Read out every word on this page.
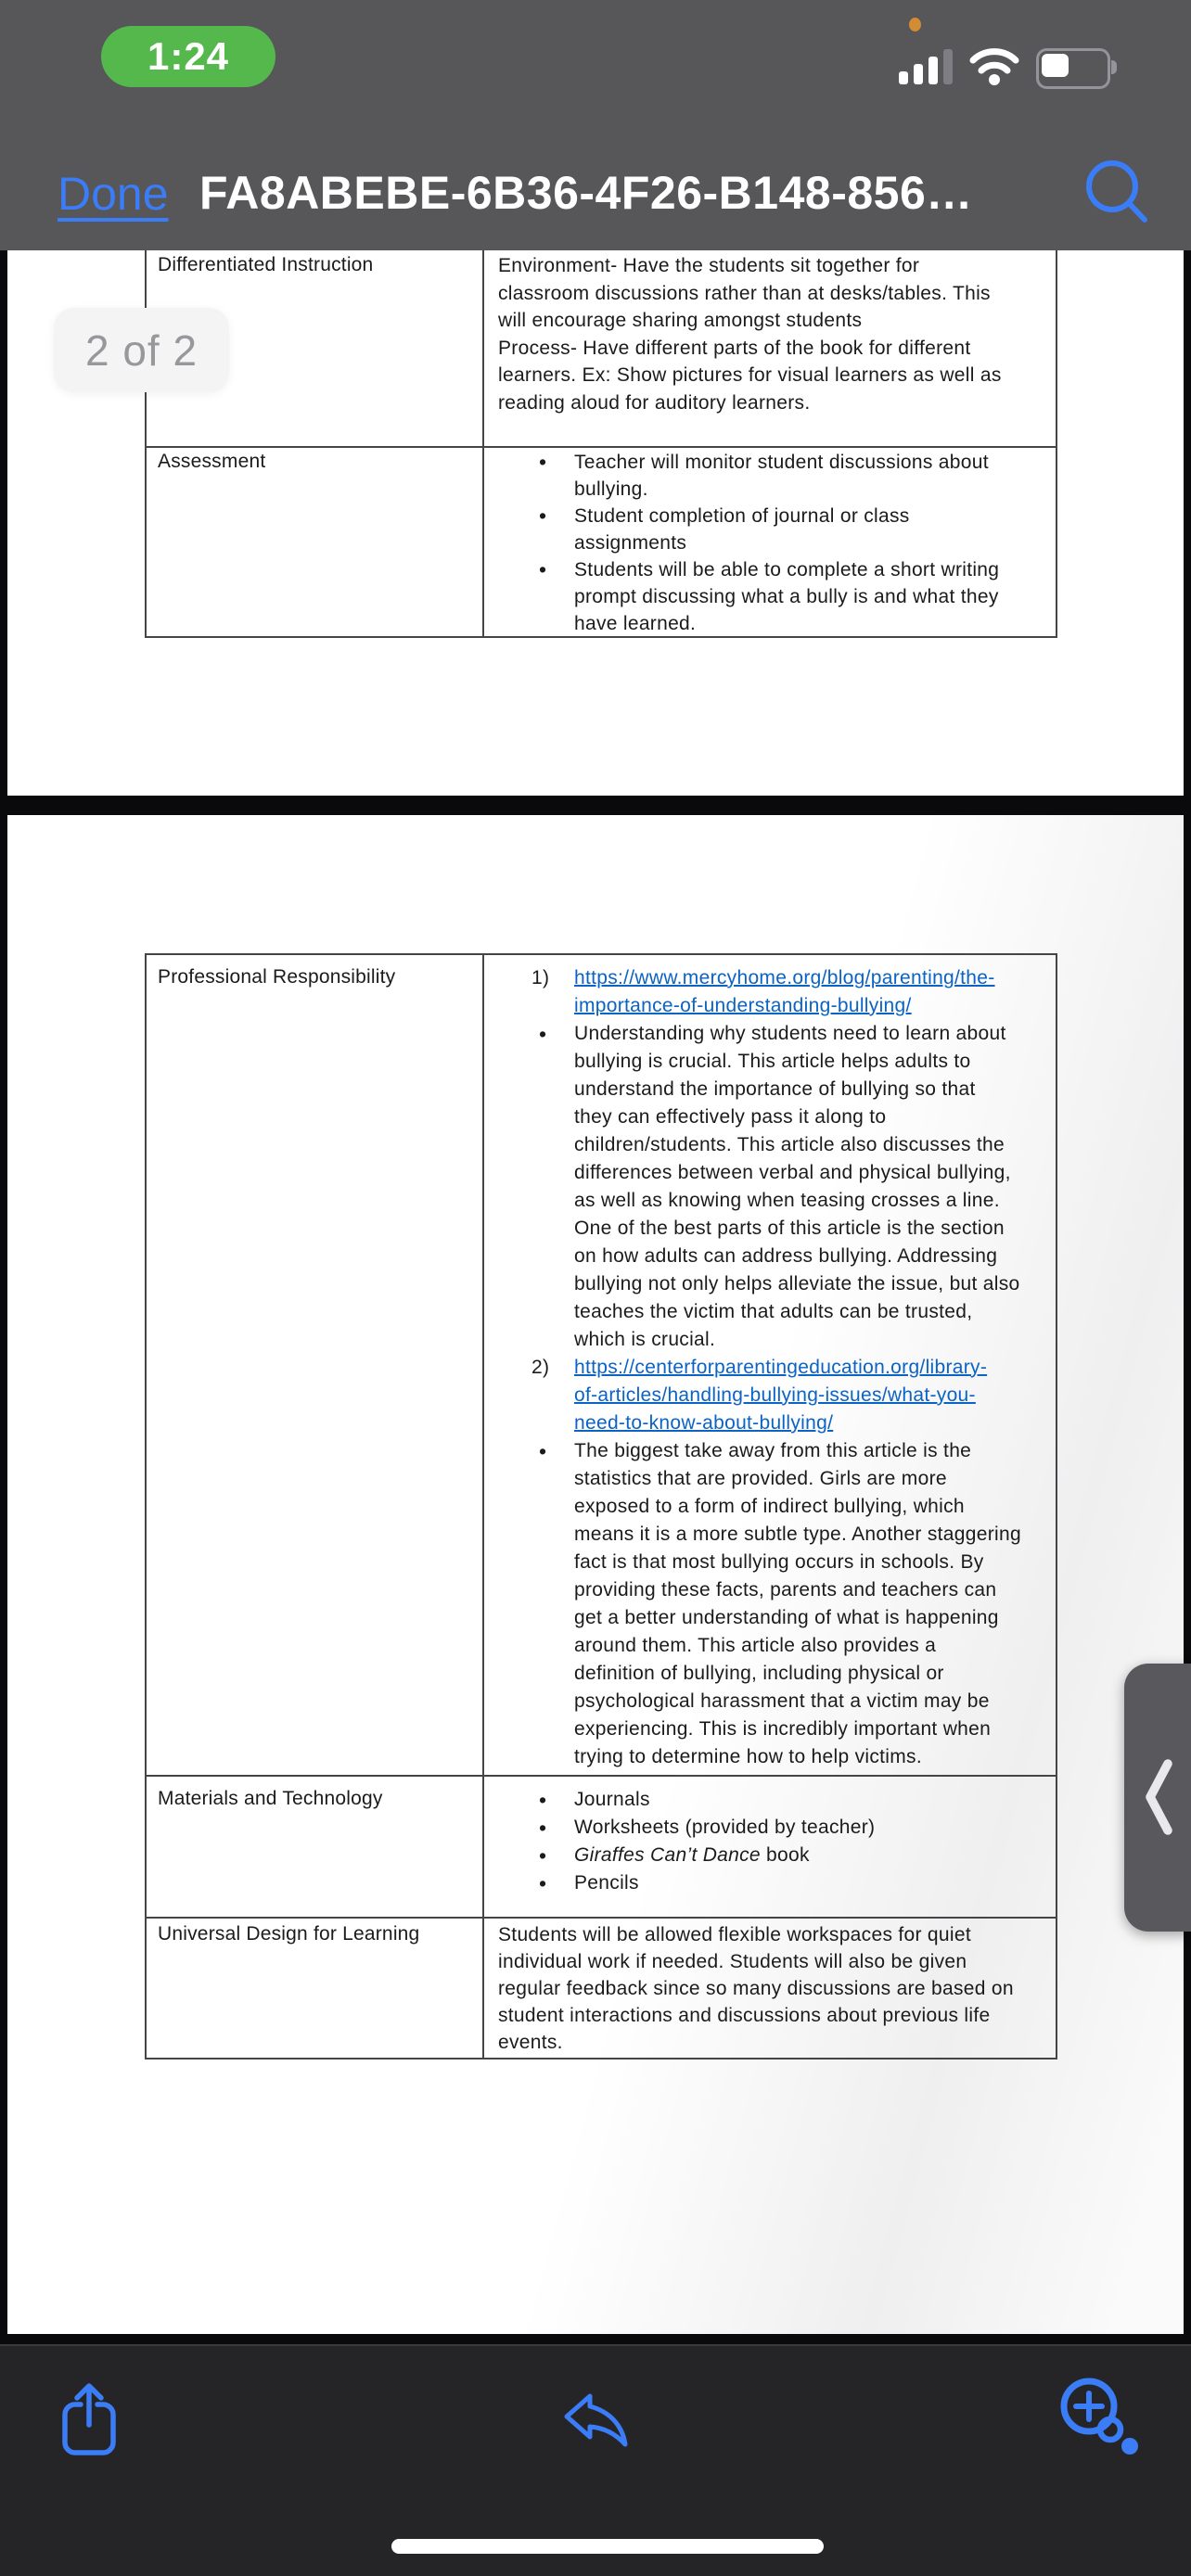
1:24
Done FA8ABEBE-6B36-4F26-B148-856…
Differentiated Instruction	Environment- Have the students sit together for
classroom discussions rather than at desks/tables. This
will encourage sharing amongst students
Process- Have different parts of the book for different
learners. Ex: Show pictures for visual learners as well as
reading aloud for auditory learners.
Assessment	• Teacher will monitor student discussions about
bullying.
• Student completion of journal or class
assignments
• Students will be able to complete a short writing
prompt discussing what a bully is and what they
have learned.
2 of 2
Professional Responsibility	1) https://www.mercyhome.org/blog/parenting/the-
importance-of-understanding-bullying/
• Understanding why students need to learn about
bullying is crucial. This article helps adults to
understand the importance of bullying so that
they can effectively pass it along to
children/students. This article also discusses the
differences between verbal and physical bullying,
as well as knowing when teasing crosses a line.
One of the best parts of this article is the section
on how adults can address bullying. Addressing
bullying not only helps alleviate the issue, but also
teaches the victim that adults can be trusted,
which is crucial.
2) https://centerforparentingeducation.org/library-
of-articles/handling-bullying-issues/what-you-
need-to-know-about-bullying/
• The biggest take away from this article is the
statistics that are provided. Girls are more
exposed to a form of indirect bullying, which
means it is a more subtle type. Another staggering
fact is that most bullying occurs in schools. By
providing these facts, parents and teachers can
get a better understanding of what is happening
around them. This article also provides a
definition of bullying, including physical or
psychological harassment that a victim may be
experiencing. This is incredibly important when
trying to determine how to help victims.
Materials and Technology	• Journals
• Worksheets (provided by teacher)
• Giraffes Can’t Dance book
• Pencils
Universal Design for Learning	Students will be allowed flexible workspaces for quiet
individual work if needed. Students will also be given
regular feedback since so many discussions are based on
student interactions and discussions about previous life
events.
